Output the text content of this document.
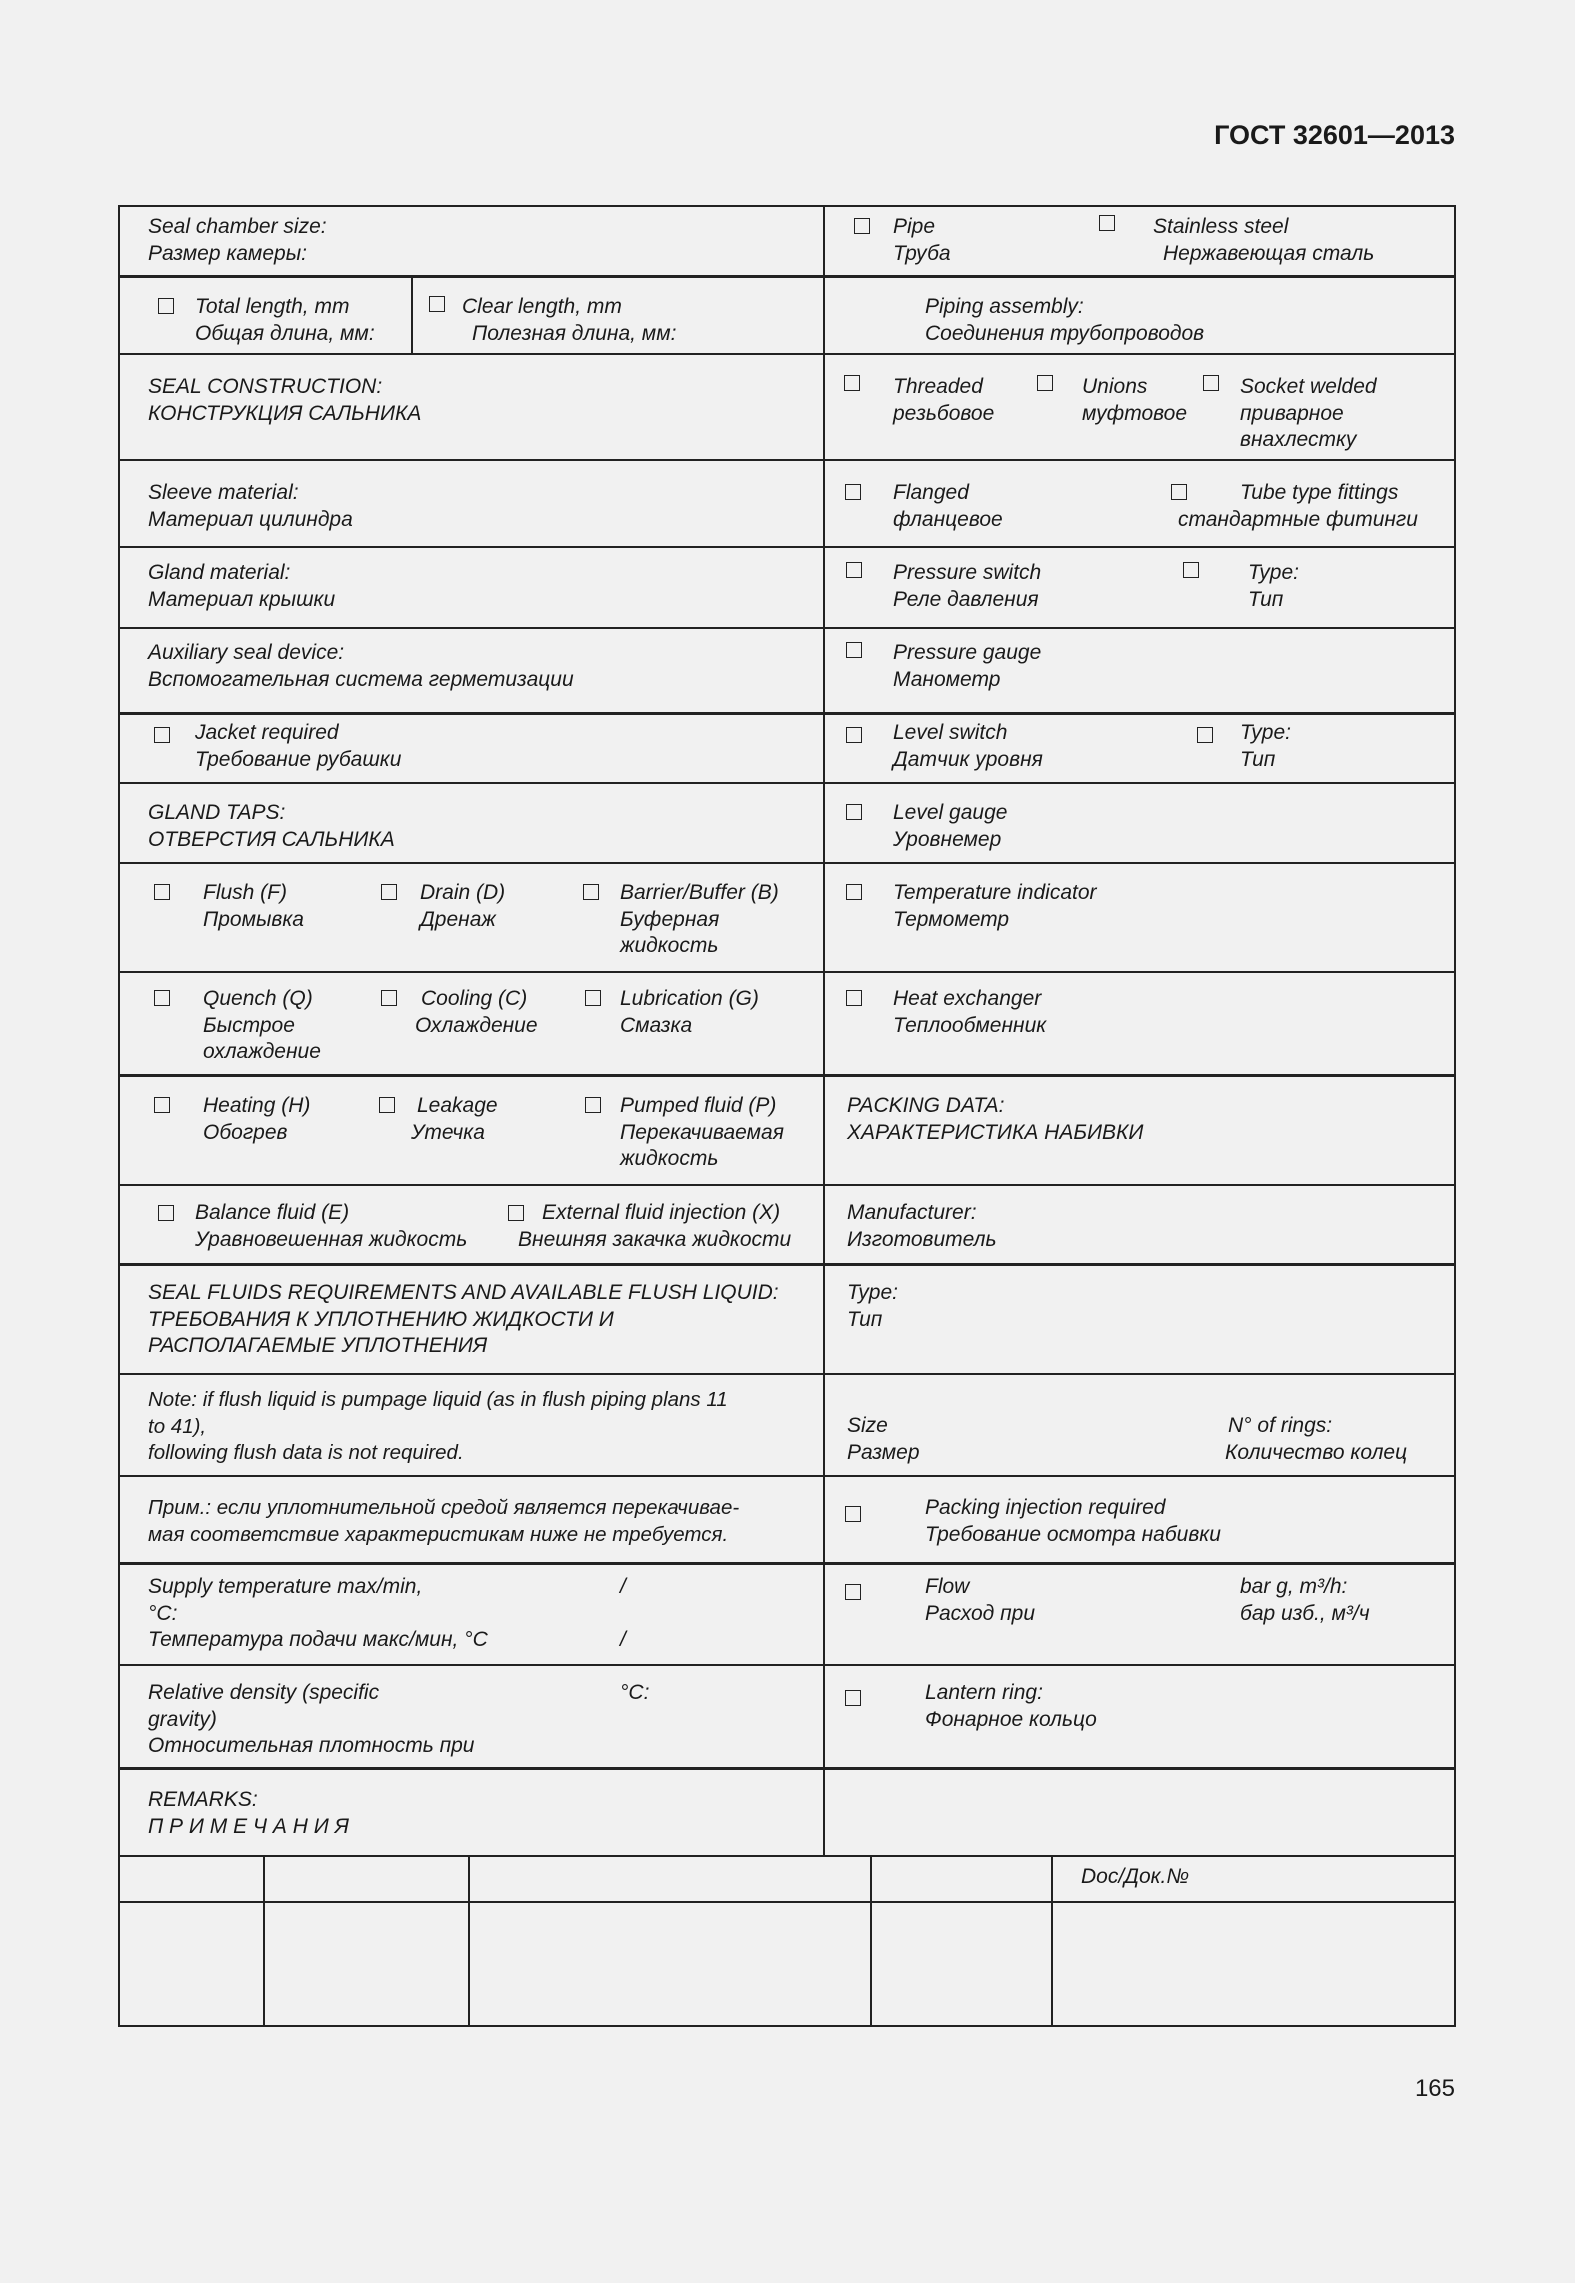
ГОСТ 32601—2013
Seal chamber size:
Размер камеры:
Total length, mm
Общая длина, мм:
Clear length, mm
Полезная длина, мм:
SEAL CONSTRUCTION:
КОНСТРУКЦИЯ САЛЬНИКА
Sleeve material:
Материал цилиндра
Gland material:
Материал крышки
Auxiliary seal device:
Вспомогательная система герметизации
Jacket required
Требование рубашки
GLAND TAPS:
ОТВЕРСТИЯ САЛЬНИКА
Flush (F)
Промывка
Drain (D)
Дренаж
Barrier/Buffer (B)
Буферная
жидкость
Quench (Q)
Быстрое
охлаждение
Cooling (C)
Охлаждение
Lubrication (G)
Смазка
Heating (H)
Обогрев
Leakage
Утечка
Pumped fluid (P)
Перекачиваемая
жидкость
Balance fluid (E)
Уравновешенная жидкость
External fluid injection (X)
Внешняя закачка жидкости
SEAL FLUIDS REQUIREMENTS AND AVAILABLE FLUSH LIQUID:
ТРЕБОВАНИЯ К УПЛОТНЕНИЮ ЖИДКОСТИ И
РАСПОЛАГАЕМЫЕ УПЛОТНЕНИЯ
Note: if flush liquid is pumpage liquid (as in flush piping plans 11
to 41),
following flush data is not required.
Прим.: если уплотнительной средой является перекачивае-
мая соответствие характеристикам ниже не требуется.
Supply temperature max/min,
°C:
Температура подачи макс/мин, °C
/
/
Relative density (specific
gravity)
Относительная плотность при
°C:
REMARKS:
П Р И М Е Ч А Н И Я
Pipe
Труба
Stainless steel
Нержавеющая сталь
Piping assembly:
Соединения трубопроводов
Threaded
резьбовое
Unions
муфтовое
Socket welded
приварное
внахлестку
Flanged
фланцевое
Tube type fittings
стандартные фитинги
Pressure switch
Реле давления
Type:
Тип
Pressure gauge
Манометр
Level switch
Датчик уровня
Type:
Тип
Level gauge
Уровнемер
Temperature indicator
Термометр
Heat exchanger
Теплообменник
PACKING DATA:
ХАРАКТЕРИСТИКА НАБИВКИ
Manufacturer:
Изготовитель
Type:
Тип
Size
Размер
N° of rings:
Количество колец
Packing injection required
Требование осмотра набивки
Flow
Расход при
bar g, m³/h:
бар изб., м³/ч
Lantern ring:
Фонарное кольцо
Doc/Док.№
165
